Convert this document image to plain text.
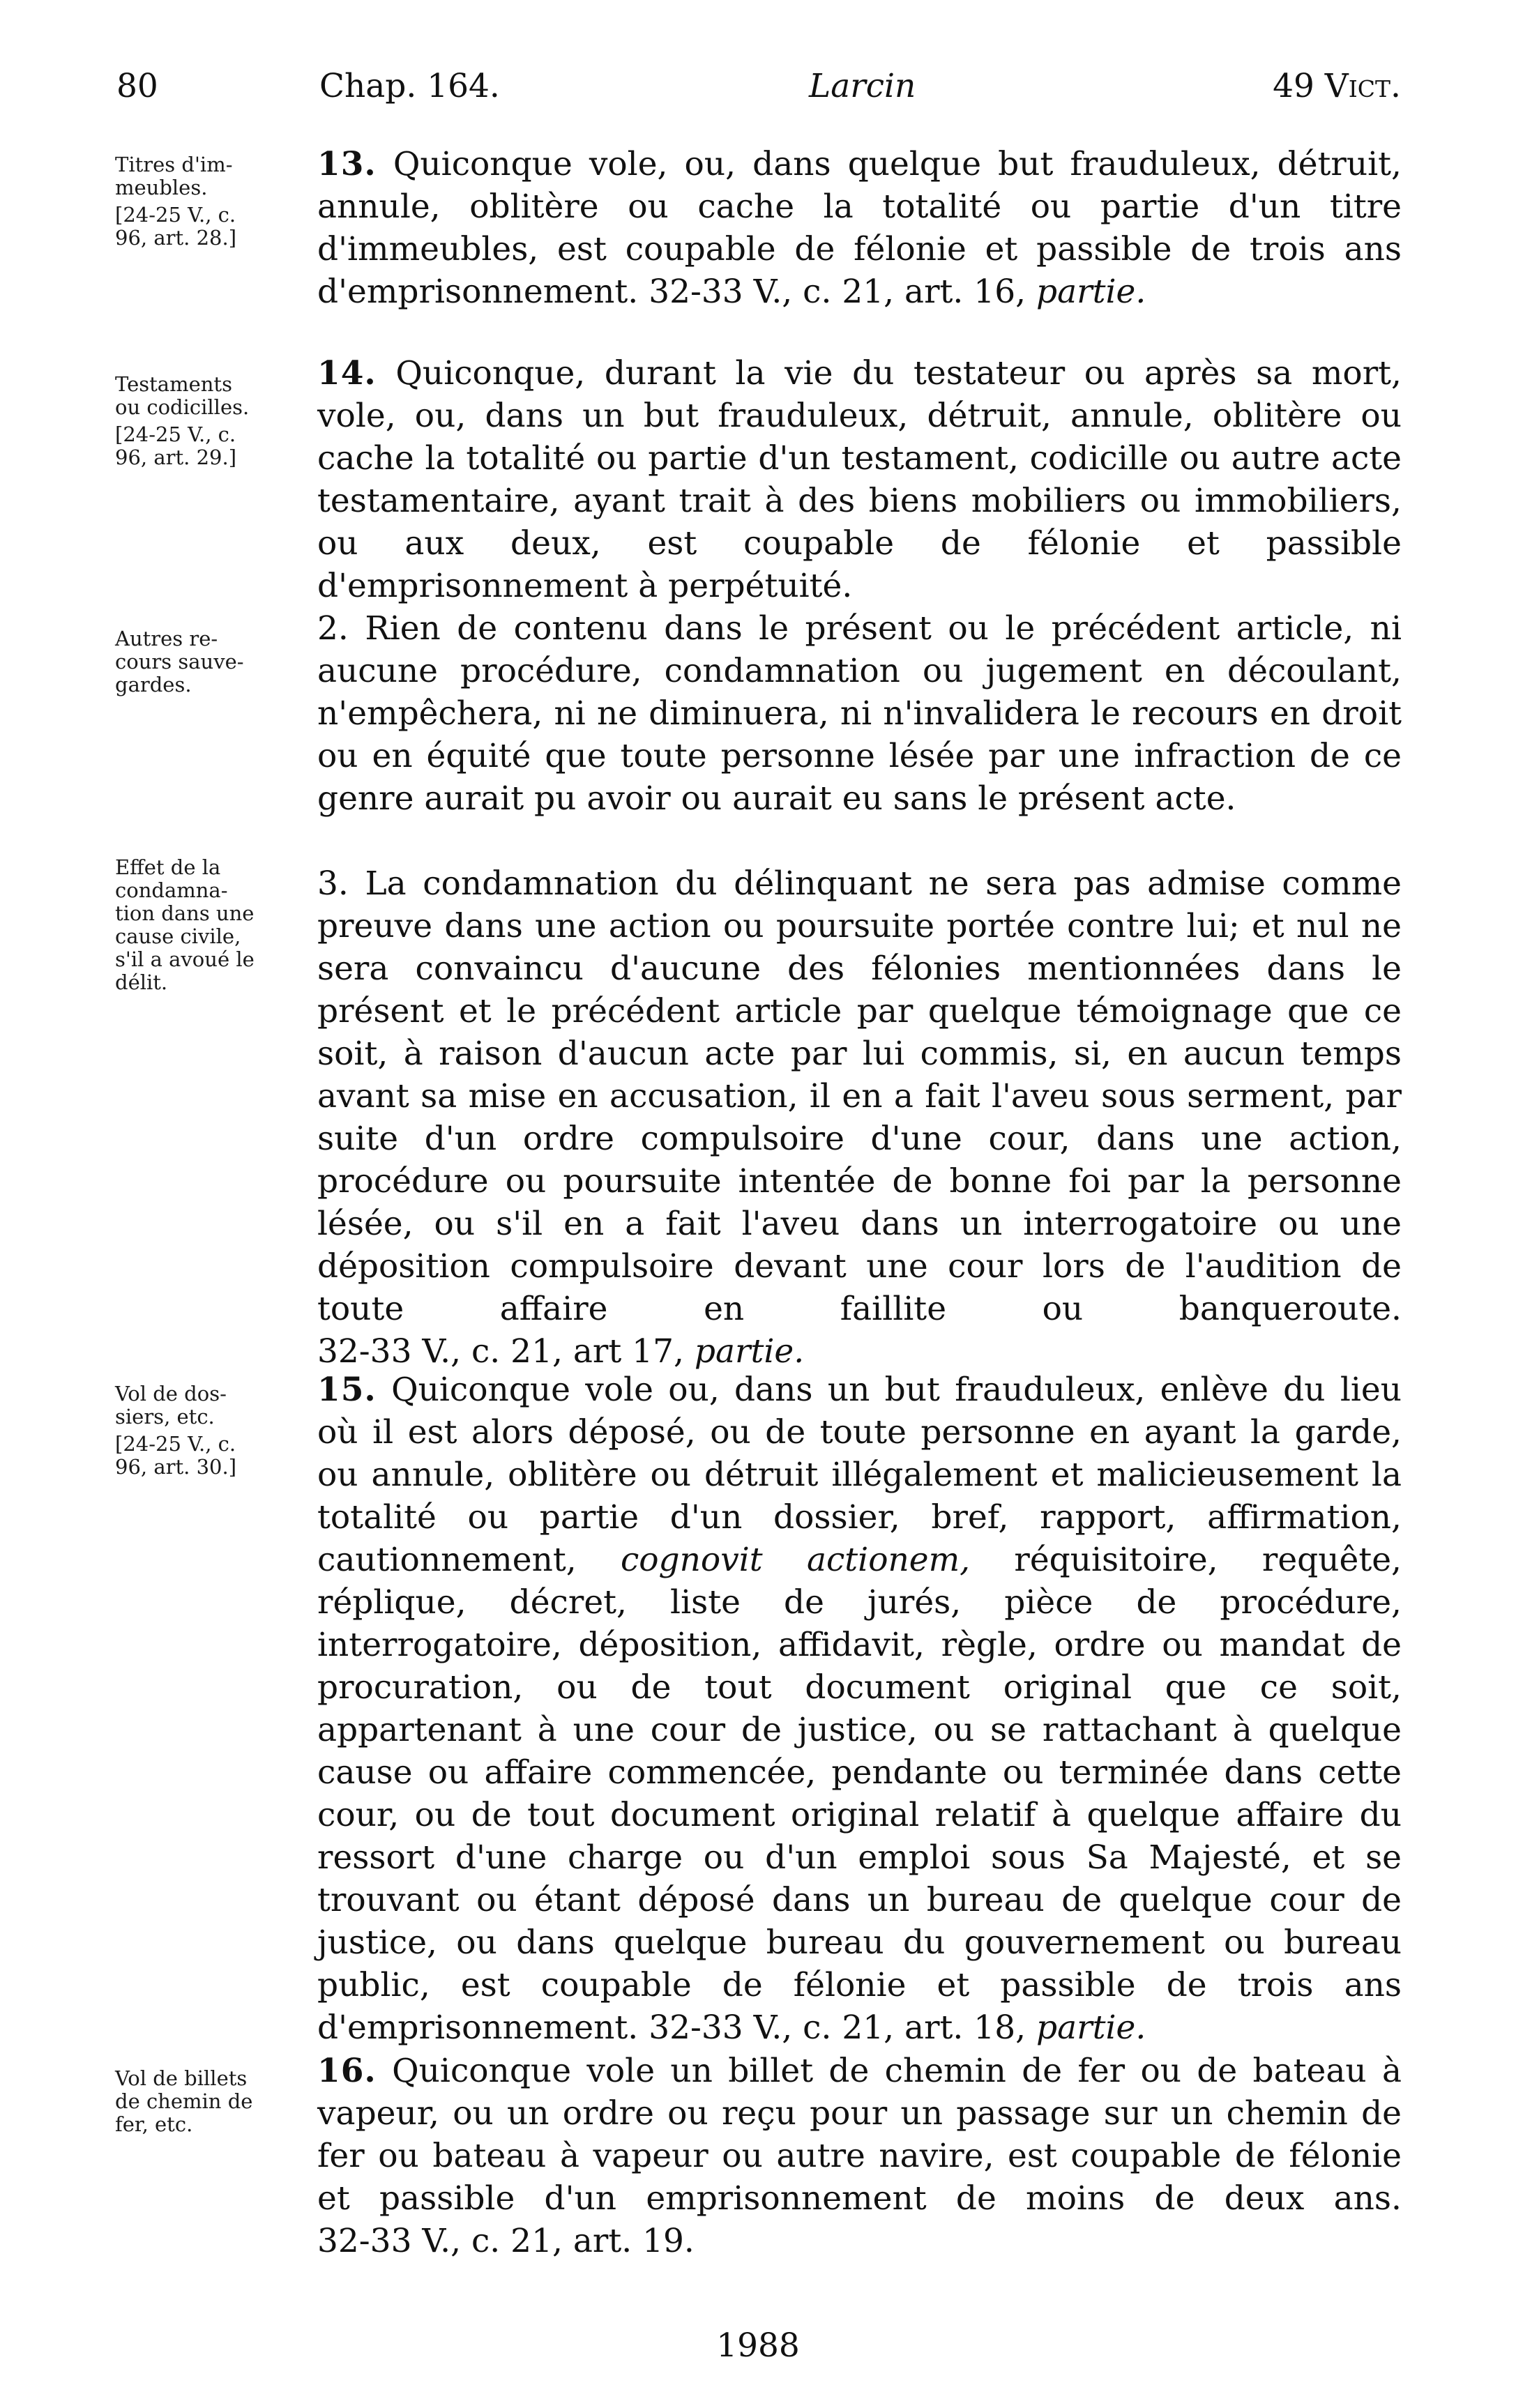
80	Chap. 164.	Larcin	49 Vict.
Titres d'im-
meubles.
[24-25 V., c.
96, art. 28.]
Testaments
ou codicilles.
[24-25 V., c.
96, art. 29.]
Autres re-
cours sauve-
gardes.
Effet de la
condamna-
tion dans une
cause civile,
s'il a avoué le
délit.
Vol de dos-
siers, etc.
[24-25 V., c.
96, art. 30.]
Vol de billets
de chemin de
fer, etc.

13. Quiconque vole, ou, dans quelque but frauduleux, détruit, annule, oblitère ou cache la totalité ou partie d'un titre d'immeubles, est coupable de félonie et passible de trois ans d'emprisonnement. 32-33 V., c. 21, art. 16, partie.

14. Quiconque, durant la vie du testateur ou après sa mort, vole, ou, dans un but frauduleux, détruit, annule, oblitère ou cache la totalité ou partie d'un testament, codicille ou autre acte testamentaire, ayant trait à des biens mobiliers ou immobiliers, ou aux deux, est coupable de félonie et passible d'emprisonnement à perpétuité.

2. Rien de contenu dans le présent ou le précédent article, ni aucune procédure, condamnation ou jugement en découlant, n'empêchera, ni ne diminuera, ni n'invalidera le recours en droit ou en équité que toute personne lésée par une infraction de ce genre aurait pu avoir ou aurait eu sans le présent acte.

3. La condamnation du délinquant ne sera pas admise comme preuve dans une action ou poursuite portée contre lui; et nul ne sera convaincu d'aucune des félonies mentionnées dans le présent et le précédent article par quelque témoignage que ce soit, à raison d'aucun acte par lui commis, si, en aucun temps avant sa mise en accusation, il en a fait l'aveu sous serment, par suite d'un ordre compulsoire d'une cour, dans une action, procédure ou poursuite intentée de bonne foi par la personne lésée, ou s'il en a fait l'aveu dans un interrogatoire ou une déposition compulsoire devant une cour lors de l'audition de toute affaire en faillite ou banqueroute. 32-33 V., c. 21, art 17, partie.

15. Quiconque vole ou, dans un but frauduleux, enlève du lieu où il est alors déposé, ou de toute personne en ayant la garde, ou annule, oblitère ou détruit illégalement et malicieusement la totalité ou partie d'un dossier, bref, rapport, affirmation, cautionnement, cognovit actionem, réquisitoire, requête, réplique, décret, liste de jurés, pièce de procédure, interrogatoire, déposition, affidavit, règle, ordre ou mandat de procuration, ou de tout document original que ce soit, appartenant à une cour de justice, ou se rattachant à quelque cause ou affaire commencée, pendante ou terminée dans cette cour, ou de tout document original relatif à quelque affaire du ressort d'une charge ou d'un emploi sous Sa Majesté, et se trouvant ou étant déposé dans un bureau de quelque cour de justice, ou dans quelque bureau du gouvernement ou bureau public, est coupable de félonie et passible de trois ans d'emprisonnement. 32-33 V., c. 21, art. 18, partie.

16. Quiconque vole un billet de chemin de fer ou de bateau à vapeur, ou un ordre ou reçu pour un passage sur un chemin de fer ou bateau à vapeur ou autre navire, est coupable de félonie et passible d'un emprisonnement de moins de deux ans. 32-33 V., c. 21, art. 19.

1988
